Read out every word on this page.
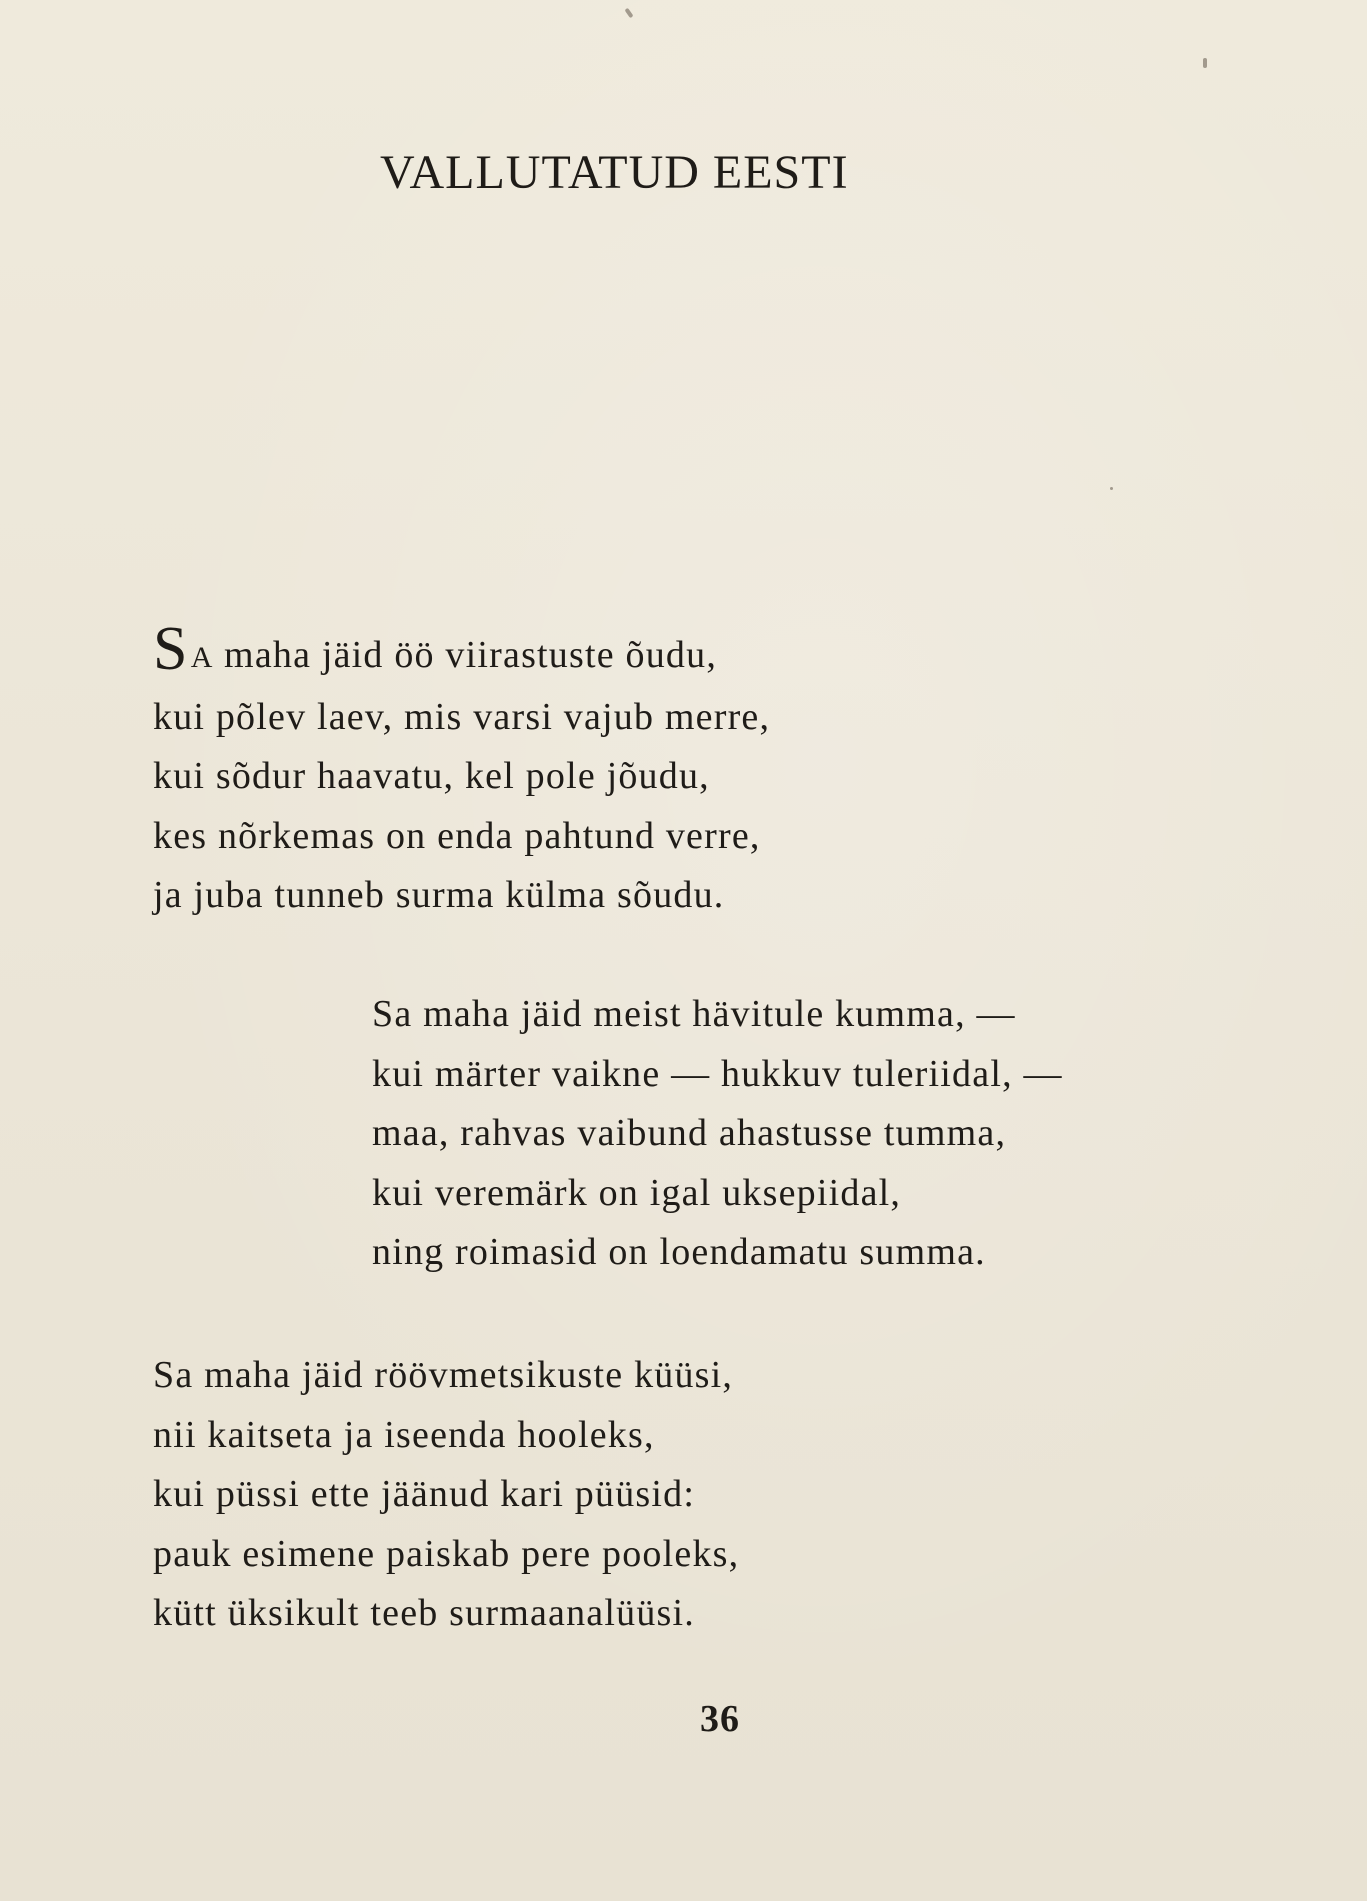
VALLUTATUD EESTI

SA maha jäid öö viirastuste õudu,
kui põlev laev, mis varsi vajub merre,
kui sõdur haavatu, kel pole jõudu,
kes nõrkemas on enda pahtund verre,
ja juba tunneb surma külma sõudu.

Sa maha jäid meist hävitule kumma, —
kui märter vaikne — hukkuv tuleriidal, —
maa, rahvas vaibund ahastusse tumma,
kui veremärk on igal uksepiidal,
ning roimasid on loendamatu summa.

Sa maha jäid röövmetsikuste küüsi,
nii kaitseta ja iseenda hooleks,
kui püssi ette jäänud kari püüsid:
pauk esimene paiskab pere pooleks,
kütt üksikult teeb surmaanalüüsi.

36
